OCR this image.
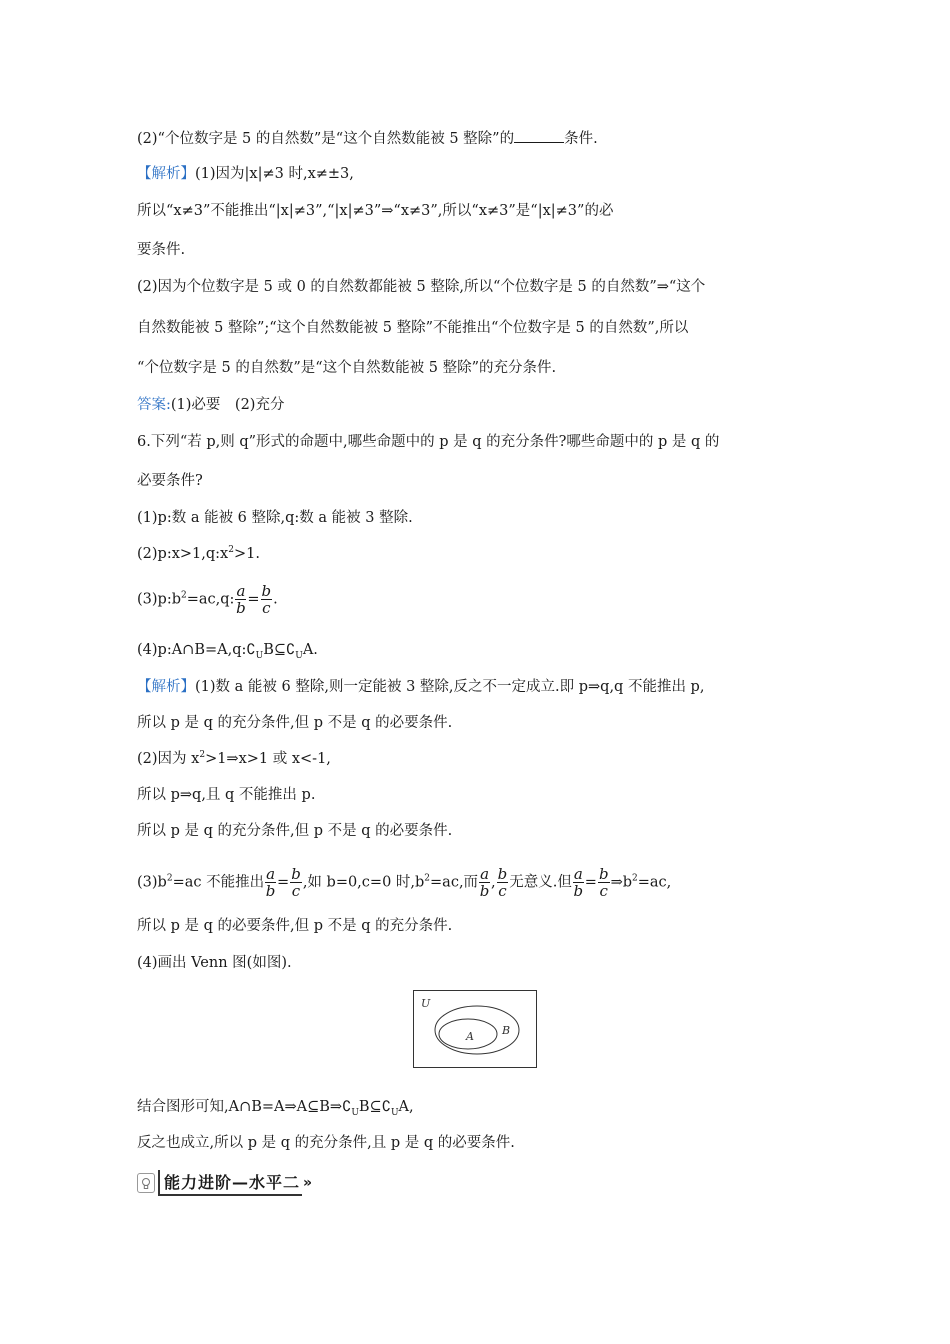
(2)“个位数字是 5 的自然数”是“这个自然数能被 5 整除”的	条件.
【解析】(1)因为|x|≠3 时,x≠±3,
所以“x≠3”不能推出“|x|≠3”,“|x|≠3”⇒“x≠3”,所以“x≠3”是“|x|≠3”的必
要条件.
(2)因为个位数字是 5 或 0 的自然数都能被 5 整除,所以“个位数字是 5 的自然数”⇒“这个
自然数能被 5 整除”;“这个自然数能被 5 整除”不能推出“个位数字是 5 的自然数”,所以
“个位数字是 5 的自然数”是“这个自然数能被 5 整除”的充分条件.
答案:(1)必要　(2)充分
6.下列“若 p,则 q”形式的命题中,哪些命题中的 p 是 q 的充分条件?哪些命题中的 p 是 q 的
必要条件?
(1)p:数 a 能被 6 整除,q:数 a 能被 3 整除.
$(2)p:x>1,q:x^2>1$.
$(3)p:b^2=ac,q$: $\frac{a}{b} = \frac{b}{c}$ .
$(4)p:A\cap B=A,q:∁_UB⊆∁_UA$.
【解析】(1)数 a 能被 6 整除,则一定能被 3 整除,反之不一定成立.即 p⇒q,q 不能推出 p,
所以 p 是 q 的充分条件,但 p 不是 q 的必要条件.
(2)因为 $x^2>1\Rightarrow x>1$ 或 x<-1,
所以 p⇒q,且 q 不能推出 p.
所以 p 是 q 的充分条件,但 p 不是 q 的必要条件.
$(3)b^2=ac$ 不能推出 $\frac{a}{b} = \frac{b}{c}$ ,如 b=0,c=0 时$,b^2=ac$,而 $\frac{a}{b}$ , $\frac{b}{c}$ 无意义.但 $\frac{a}{b} = \frac{b}{c}$ $\Rightarrow b^2=ac$,
所以 p 是 q 的必要条件,但 p 不是 q 的充分条件.
(4)画出 Venn 图(如图).
U
A	B
结合图形可知$,A\cap B=A\Rightarrow A⊆B\Rightarrow∁_UB⊆∁_UA$,
反之也成立,所以 p 是 q 的充分条件,且 p 是 q 的必要条件.
能力进阶—水平二 »
